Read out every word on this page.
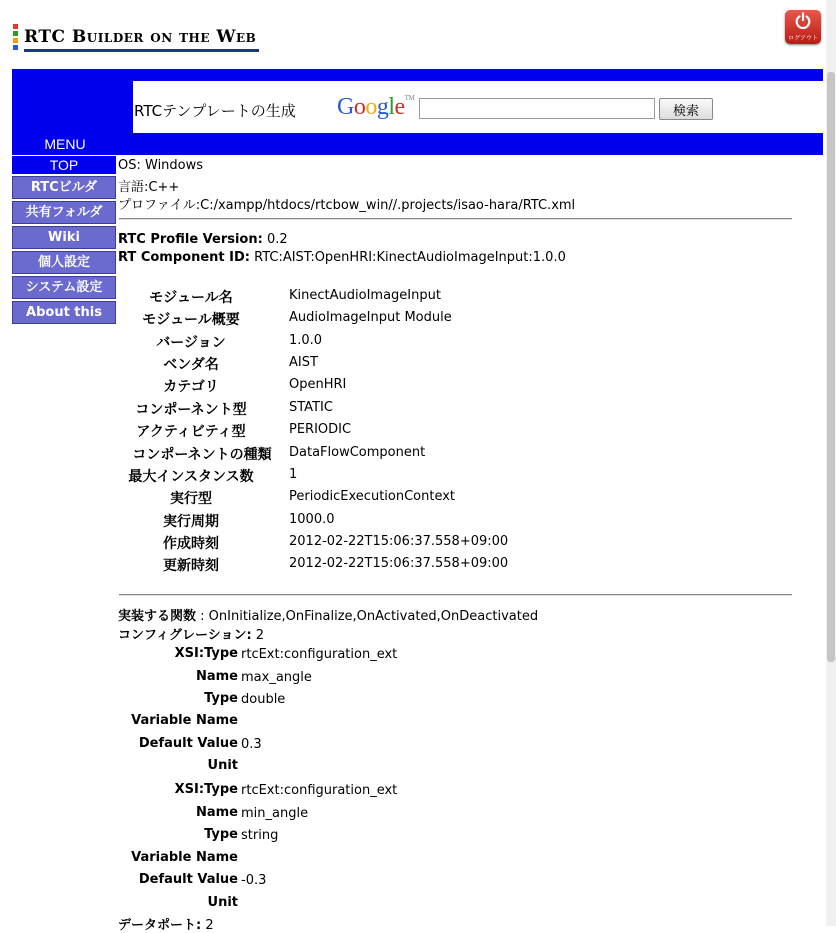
RTC Builder on the Web	ログアウト
RTCテンプレートの生成 Google™
検索
MENU
TOP
RTCビルダ
共有フォルダ
Wiki
個人設定
システム設定
About this
OS: Windows
言語:C++
プロファイル:C:/xampp/htdocs/rtcbow_win//.projects/isao-hara/RTC.xml
RTC Profile Version: 0.2
RT Component ID: RTC:AIST:OpenHRI:KinectAudioImageInput:1.0.0
モジュール名	KinectAudioImageInput
モジュール概要	AudioImageInput Module
バージョン	1.0.0
ベンダ名	AIST
カテゴリ	OpenHRI
コンポーネント型	STATIC
アクティビティ型	PERIODIC
コンポーネントの種類	DataFlowComponent
最大インスタンス数	1
実行型	PeriodicExecutionContext
実行周期	1000.0
作成時刻	2012-02-22T15:06:37.558+09:00
更新時刻	2012-02-22T15:06:37.558+09:00
実装する関数 : OnInitialize,OnFinalize,OnActivated,OnDeactivated
コンフィグレーション: 2
XSI:Type rtcExt:configuration_ext
Name max_angle
Type double
Variable Name
Default Value 0.3
Unit
XSI:Type rtcExt:configuration_ext
Name min_angle
Type string
Variable Name
Default Value -0.3
Unit
データポート: 2
